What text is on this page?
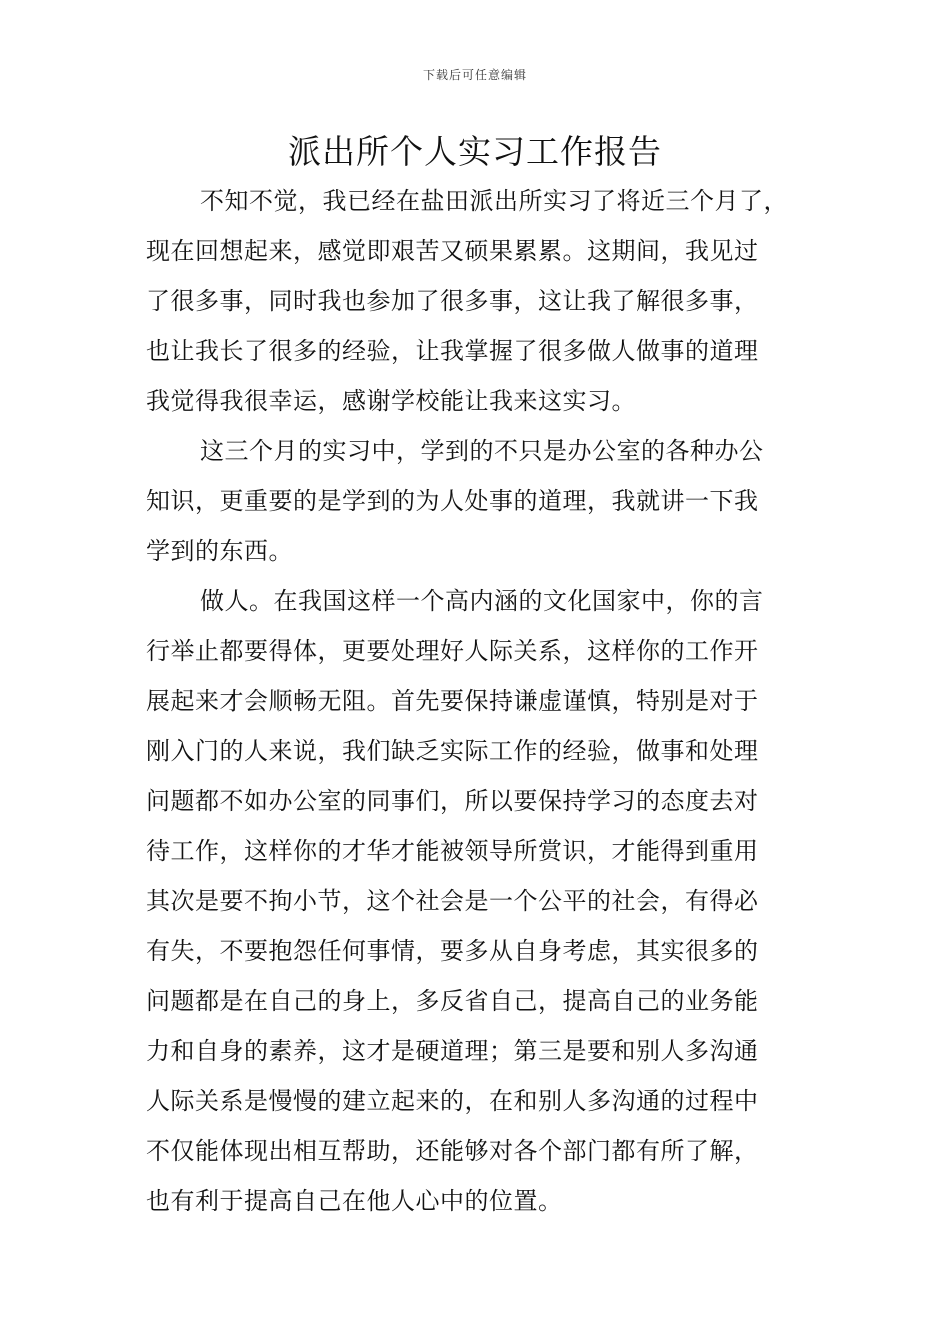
下载后可任意编辑
派出所个人实习工作报告
不知不觉，我已经在盐田派出所实习了将近三个月了，
现在回想起来，感觉即艰苦又硕果累累。这期间，我见过
了很多事，同时我也参加了很多事，这让我了解很多事，
也让我长了很多的经验，让我掌握了很多做人做事的道理
我觉得我很幸运，感谢学校能让我来这实习。
这三个月的实习中，学到的不只是办公室的各种办公
知识，更重要的是学到的为人处事的道理，我就讲一下我
学到的东西。
做人。在我国这样一个高内涵的文化国家中，你的言
行举止都要得体，更要处理好人际关系，这样你的工作开
展起来才会顺畅无阻。首先要保持谦虚谨慎，特别是对于
刚入门的人来说，我们缺乏实际工作的经验，做事和处理
问题都不如办公室的同事们，所以要保持学习的态度去对
待工作，这样你的才华才能被领导所赏识，才能得到重用
其次是要不拘小节，这个社会是一个公平的社会，有得必
有失，不要抱怨任何事情，要多从自身考虑，其实很多的
问题都是在自己的身上，多反省自己，提高自己的业务能
力和自身的素养，这才是硬道理；第三是要和别人多沟通
人际关系是慢慢的建立起来的，在和别人多沟通的过程中
不仅能体现出相互帮助，还能够对各个部门都有所了解，
也有利于提高自己在他人心中的位置。
